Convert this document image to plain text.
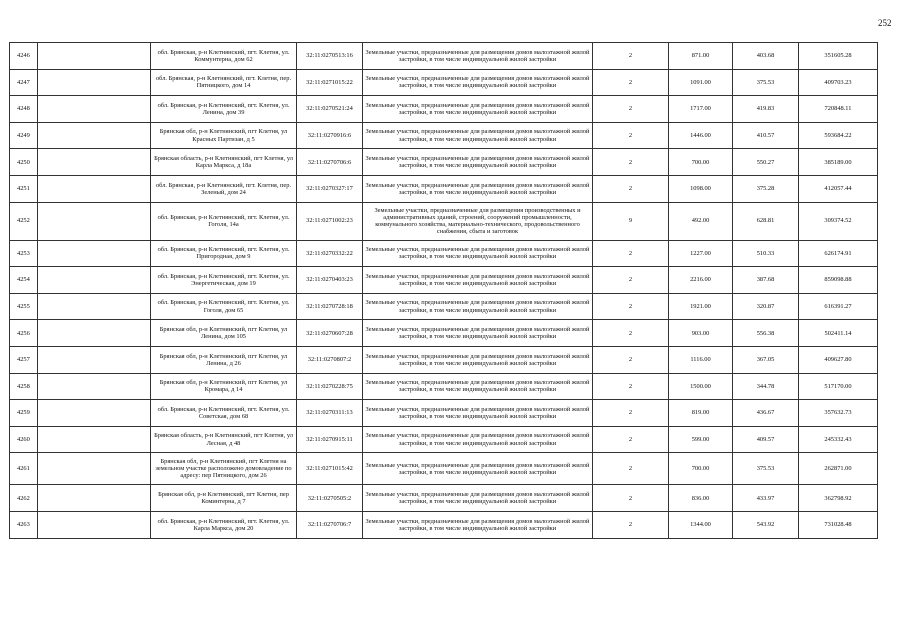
252
4246		обл. Брянская, р-н Клетнянский, пгт. Клетня, ул. Коммунтерна, дом 62	32:11:0270513:16	Земельные участки, предназначенные для размещения домов малоэтажной жилой застройки, в том числе индивидуальной жилой застройки	2	871.00	403.68	351605.28
4247		обл. Брянская, р-н Клетнянский, пгт. Клетня, пер. Пятницкого, дом 14	32:11:0271015:22	Земельные участки, предназначенные для размещения домов малоэтажной жилой застройки, в том числе индивидуальной жилой застройки	2	1091.00	375.53	409703.23
4248		обл. Брянская, р-н Клетнянский, пгт. Клетня, ул. Ленина, дом 39	32:11:0270521:24	Земельные участки, предназначенные для размещения домов малоэтажной жилой застройки, в том числе индивидуальной жилой застройки	2	1717.00	419.83	720848.11
4249		Брянская обл, р-н Клетнянский, пгт Клетня, ул Красных Партизан, д 5	32:11:0270916:6	Земельные участки, предназначенные для размещения домов малоэтажной жилой застройки, в том числе индивидуальной жилой застройки	2	1446.00	410.57	593684.22
4250		Брянская область, р-н Клетнянский, пгт Клетня, ул Карла Маркса, д 18а	32:11:0270706:6	Земельные участки, предназначенные для размещения домов малоэтажной жилой застройки, в том числе индивидуальной жилой застройки	2	700.00	550.27	385189.00
4251		обл. Брянская, р-н Клетнянский, пгт. Клетня, пер. Зеленый, дом 24	32:11:0270327:17	Земельные участки, предназначенные для размещения домов малоэтажной жилой застройки, в том числе индивидуальной жилой застройки	2	1098.00	375.28	412057.44
4252		обл. Брянская, р-н Клетнянский, пгт. Клетня, ул. Гоголя, 14а	32:11:0271002:23	Земельные участки, предназначенные для размещения производственных и административных зданий, строений, сооружений промышленности, коммунального хозяйства, материально-технического, продовольственного снабжения, сбыта и заготовок	9	492.00	628.81	309374.52
4253		обл. Брянская, р-н Клетнянский, пгт. Клетня, ул. Пригородная, дом 9	32:11:0270332:22	Земельные участки, предназначенные для размещения домов малоэтажной жилой застройки, в том числе индивидуальной жилой застройки	2	1227.00	510.33	626174.91
4254		обл. Брянская, р-н Клетнянский, пгт. Клетня, ул. Энергетическая, дом 19	32:11:0270403:23	Земельные участки, предназначенные для размещения домов малоэтажной жилой застройки, в том числе индивидуальной жилой застройки	2	2216.00	387.68	859098.88
4255		обл. Брянская, р-н Клетнянский, пгт. Клетня, ул. Гоголя, дом 65	32:11:0270728:18	Земельные участки, предназначенные для размещения домов малоэтажной жилой застройки, в том числе индивидуальной жилой застройки	2	1921.00	320.87	616391.27
4256		Брянская обл, р-н Клетнянский, пгт Клетня, ул Ленина, дом 105	32:11:0270607:28	Земельные участки, предназначенные для размещения домов малоэтажной жилой застройки, в том числе индивидуальной жилой застройки	2	903.00	556.38	502411.14
4257		Брянская обл, р-н Клетнянский, пгт Клетня, ул Ленина, д 26	32:11:0270807:2	Земельные участки, предназначенные для размещения домов малоэтажной жилой застройки, в том числе индивидуальной жилой застройки	2	1116.00	367.05	409627.80
4258		Брянская обл, р-н Клетнянский, пгт Клетня, ул Кромара, д 14	32:11:0270228:75	Земельные участки, предназначенные для размещения домов малоэтажной жилой застройки, в том числе индивидуальной жилой застройки	2	1500.00	344.78	517170.00
4259		обл. Брянская, р-н Клетнянский, пгт. Клетня, ул. Советская, дом 68	32:11:0270311:13	Земельные участки, предназначенные для размещения домов малоэтажной жилой застройки, в том числе индивидуальной жилой застройки	2	819.00	436.67	357632.73
4260		Брянская область, р-н Клетнянский, пгт Клетня, ул Лесная, д 48	32:11:0270915:11	Земельные участки, предназначенные для размещения домов малоэтажной жилой застройки, в том числе индивидуальной жилой застройки	2	599.00	409.57	245332.43
4261		Брянская обл, р-н Клетнянский, пгт Клетня на земельном участке расположено домовладение по адресу: пер Пятницкого, дом 26	32:11:0271015:42	Земельные участки, предназначенные для размещения домов малоэтажной жилой застройки, в том числе индивидуальной жилой застройки	2	700.00	375.53	262871.00
4262		Брянская обл, р-н Клетнянский, пгт Клетня, пер Коминтерна, д 7	32:11:0270505:2	Земельные участки, предназначенные для размещения домов малоэтажной жилой застройки, в том числе индивидуальной жилой застройки	2	836.00	433.97	362798.92
4263		обл. Брянская, р-н Клетнянский, пгт. Клетня, ул. Карла Маркса, дом 20	32:11:0270706:7	Земельные участки, предназначенные для размещения домов малоэтажной жилой застройки, в том числе индивидуальной жилой застройки	2	1344.00	543.92	731028.48
